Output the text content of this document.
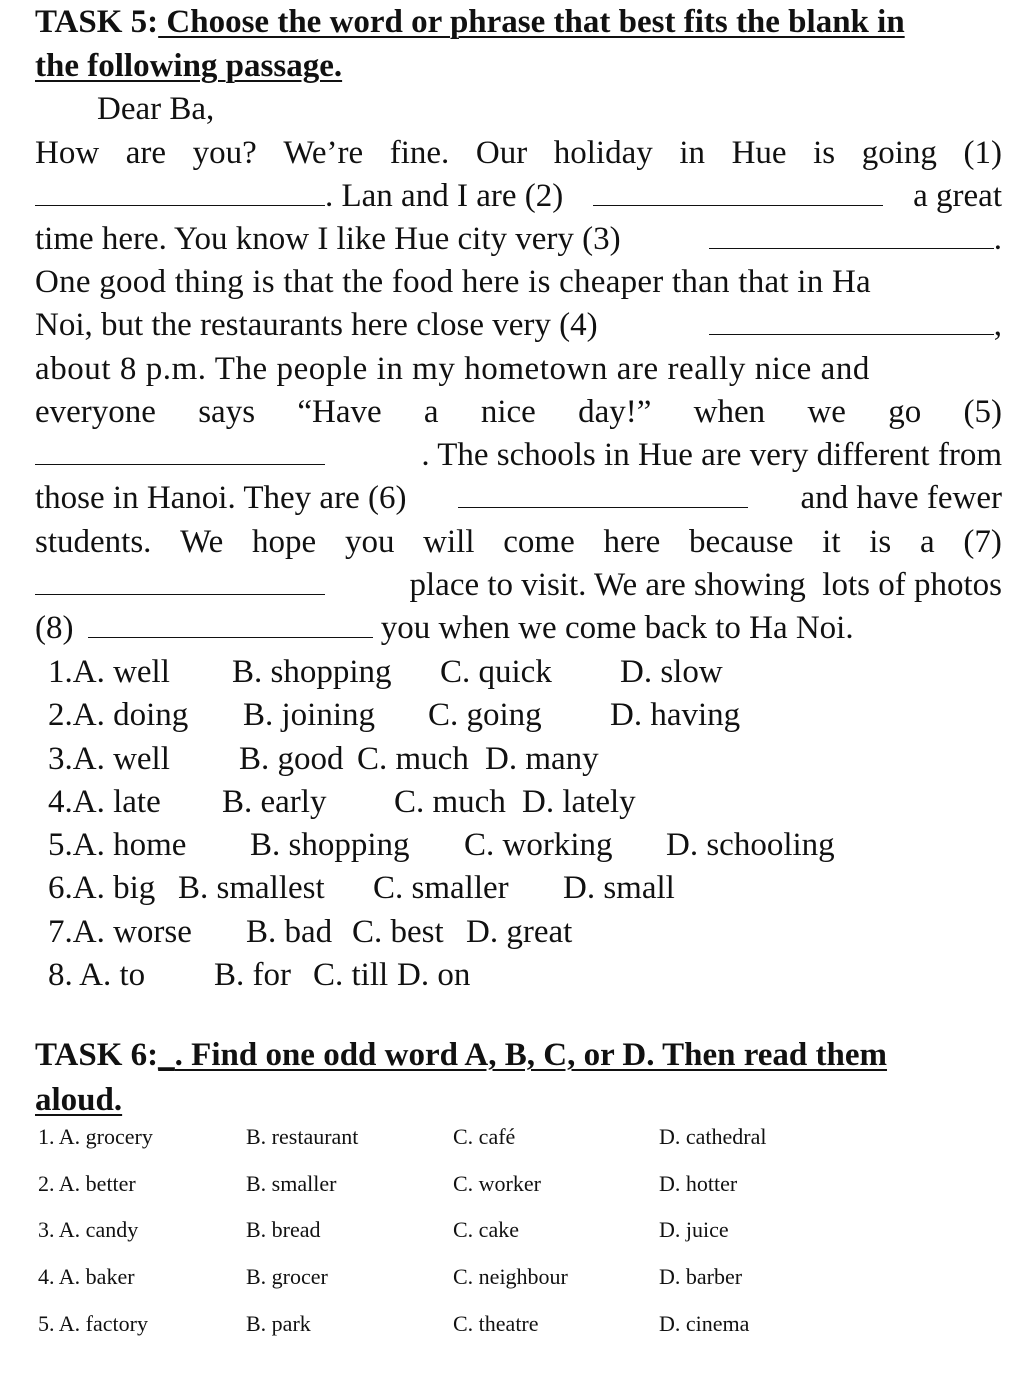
TASK 5: Choose the word or phrase that best fits the blank in
the following passage.
Dear Ba,
How are you? We’re fine. Our holiday in Hue is going (1)
. Lan and I are (2)	a great
time here. You know I like Hue city very (3)	.
One good thing is that the food here is cheaper than that in Ha
Noi, but the restaurants here close very (4)	,
about 8 p.m. The people in my hometown are really nice and
everyone says “Have a nice day!” when we go (5)
. The schools in Hue are very different from
those in Hanoi. They are (6)	and have fewer
students. We hope you will come here because it is a (7)
place to visit. We are showing  lots of photos
(8)	you when we come back to Ha Noi.
1.A. well B. shopping C. quick D. slow
2.A. doing B. joining C. going D. having
3.A. well B. good C. much D. many
4.A. late B. early C. much D. lately
5.A. home B. shopping C. working D. schooling
6.A. big B. smallest C. smaller D. small
7.A. worse B. bad C. best D. great
8. A. to B. for C. till D. on
TASK 6:_. Find one odd word A, B, C, or D. Then read them
aloud.
1. A. grocery	B. restaurant	C. café	D. cathedral
2. A. better	B. smaller	C. worker	D. hotter
3. A. candy	B. bread	C. cake	D. juice
4. A. baker	B. grocer	C. neighbour	D. barber
5. A. factory	B. park	C. theatre	D. cinema
